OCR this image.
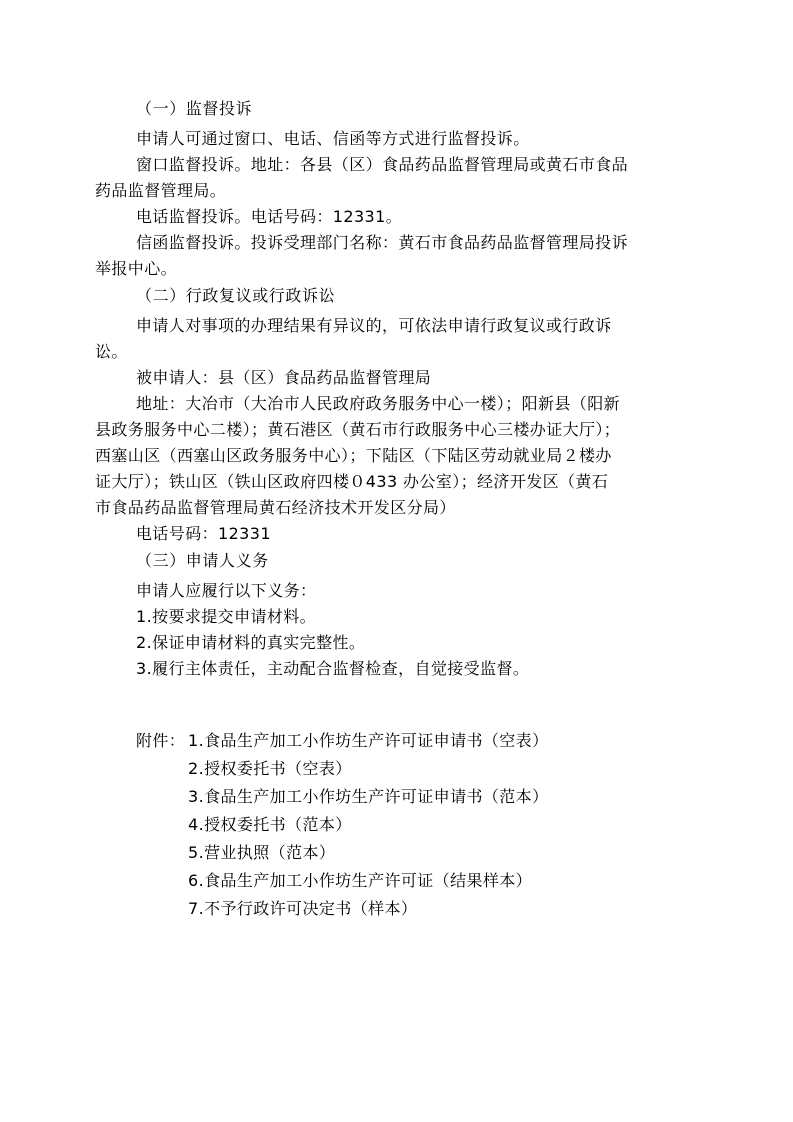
（一）监督投诉
申请人可通过窗口、电话、信函等方式进行监督投诉。
窗口监督投诉。地址：各县（区）食品药品监督管理局或黄石市食品
药品监督管理局。
电话监督投诉。电话号码：12331。
信函监督投诉。投诉受理部门名称：黄石市食品药品监督管理局投诉
举报中心。
（二）行政复议或行政诉讼
申请人对事项的办理结果有异议的，可依法申请行政复议或行政诉
讼。
被申请人：县（区）食品药品监督管理局
地址：大冶市（大冶市人民政府政务服务中心一楼）；阳新县（阳新
县政务服务中心二楼）；黄石港区（黄石市行政服务中心三楼办证大厅）；
西塞山区（西塞山区政务服务中心）；下陆区（下陆区劳动就业局２楼办
证大厅）；铁山区（铁山区政府四楼０433 办公室）；经济开发区（黄石
市食品药品监督管理局黄石经济技术开发区分局）
电话号码：12331
（三）申请人义务
申请人应履行以下义务：
1.按要求提交申请材料。
2.保证申请材料的真实完整性。
3.履行主体责任，主动配合监督检查，自觉接受监督。
附件： 1.食品生产加工小作坊生产许可证申请书（空表）
2.授权委托书（空表）
3.食品生产加工小作坊生产许可证申请书（范本）
4.授权委托书（范本）
5.营业执照（范本）
6.食品生产加工小作坊生产许可证（结果样本）
7.不予行政许可决定书（样本）
